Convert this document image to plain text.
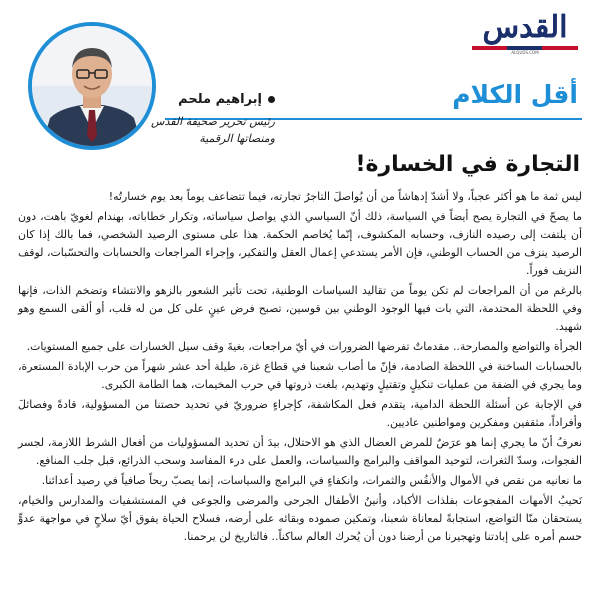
القدس
ALQUDS.COM
أقل الكلام
إبراهيم ملحم
رئيس تحرير صحيفة القدس
ومنصاتها الرقمية
التجارة في الخسارة!

ليس ثمة ما هو أكثر عجباً، ولا أشدّ إدهاشاً من أن يُواصلَ التاجرُ تجارته، فيما تتضاعف يوماً بعد يوم خسارتُه!

ما يصحّ في التجارة يصح أيضاً في السياسة، ذلك أنّ السياسي الذي يواصل سياساته، وتكرار خطاباته، بهندام لغويّ باهت، دون أن يلتفت إلى رصيده النازف، وحسابه المكشوف، إنّما يُخاصم الحكمة. هذا على مستوى الرصيد الشخصي، فما بالك إذا كان الرصيد ينزف من الحساب الوطني، فإن الأمر يستدعي إعمال العقل والتفكير، وإجراء المراجعات والحسابات والتحسّبات، لوقف النزيف فوراً.

بالرغم من أن المراجعات لم تكن يوماً من تقاليد السياسات الوطنية، تحت تأثير الشعور بالزهو والانتشاء وتضخم الذات، فإنها وفي اللحظة المحتدمة، التي بات فيها الوجود الوطني بين قوسين، تصبح فرض عينٍ على كل من له قلب، أو ألقى السمع وهو شهيد.

الجرأة والتواضع والمصارحة.. مقدماتٌ تفرضها الضرورات في أيّ مراجعات، بغيةَ وقف سيل الخسارات على جميع المستويات.

بالحسابات الساخنة في اللحظة الصادمة، فإنّ ما أصاب شعبنا في قطاع غزة، طيلة أحد عشر شهراً من حرب الإبادة المستعرة، وما يجري في الضفة من عمليات تنكيلٍ وتقتيلٍ وتهديم، بلغت ذروتها في حرب المخيمات، هما الطامة الكبرى.

في الإجابة عن أسئلة اللحظة الدامية، يتقدم فعل المكاشفة، كإجراءٍ ضروريّ في تحديد حصتنا من المسؤولية، قادةً وفصائلَ وأفراداً، مثقفين ومفكرين ومواطنين عاديين.

نعرفُ أنّ ما يجري إنما هو عرَضٌ للمرض العضال الذي هو الاحتلال، بيدَ أن تحديد المسؤوليات من أفعال الشرط اللازمة، لجسر الفجوات، وسدّ الثغرات، لتوحيد المواقف والبرامج والسياسات، والعمل على درء المفاسد وسحب الذرائع، قبل جلب المنافع.

ما نعانيه من نقص في الأموال والأنفُس والثمرات، وانكفاءٍ في البرامج والسياسات، إنما يصبّ ربحاً صافياً في رصيد أعدائنا.

نَحيبُ الأمهات المفجوعات بفلذات الأكباد، وأنينُ الأطفال الجرحى والمرضى والجوعى في المستشفيات والمدارس والخيام، يستحقان منّا التواضع، استجابةً لمعاناة شعبنا، وتمكين صموده وبقائه على أرضه، فسلاح الحياة يفوق أيّ سلاحٍ في مواجهة عدوٍّ حسم أمره على إبادتنا وتهجيرنا من أرضنا دون أن يُحرك العالم ساكناً.. فالتاريخ لن يرحمنا.
